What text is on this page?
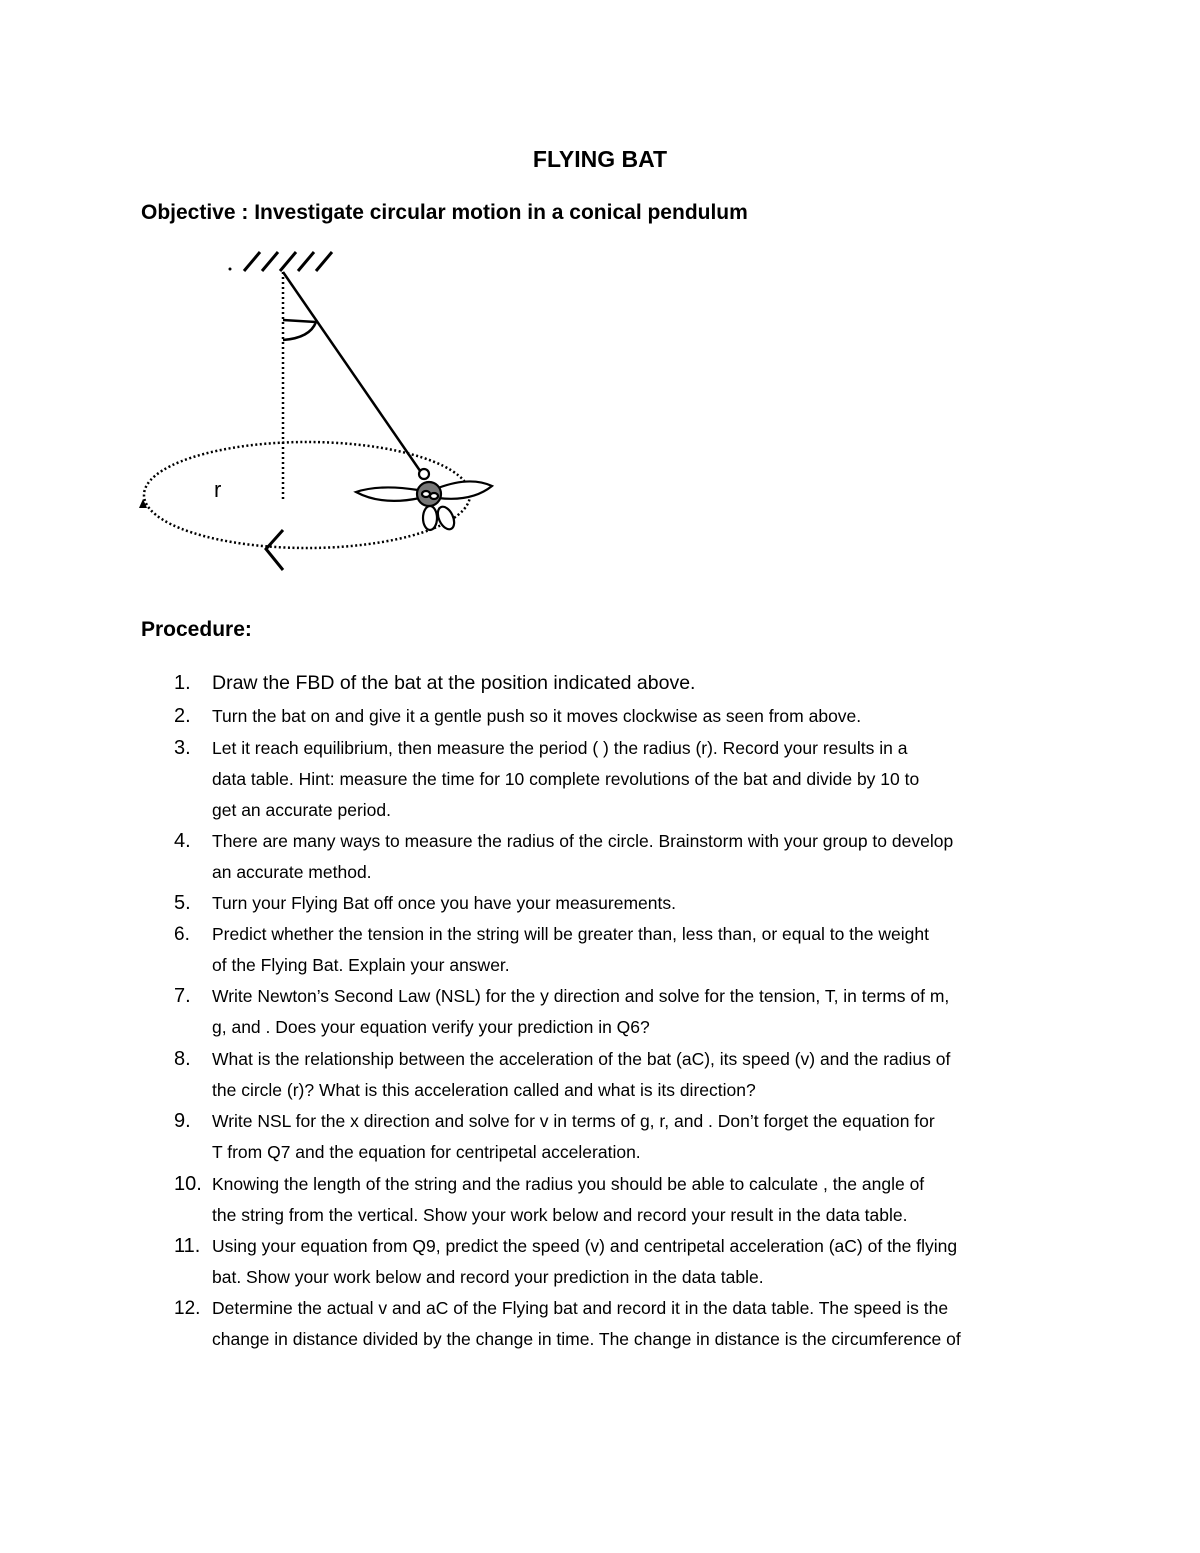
FLYING BAT
Objective : Investigate circular motion in a conical pendulum
r
Procedure:
1.	Draw the FBD of the bat at the position indicated above.
2.	Turn the bat on and give it a gentle push so it moves clockwise as seen from above.
3.	Let it reach equilibrium, then measure the period ( ) the radius (r). Record your results in a
data table. Hint: measure the time for 10 complete revolutions of the bat and divide by 10 to
get an accurate period.
4.	There are many ways to measure the radius of the circle. Brainstorm with your group to develop
an accurate method.
5.	Turn your Flying Bat off once you have your measurements.
6.	Predict whether the tension in the string will be greater than, less than, or equal to the weight
of the Flying Bat. Explain your answer.
7.	Write Newton’s Second Law (NSL) for the y direction and solve for the tension, T, in terms of m,
g, and . Does your equation verify your prediction in Q6?
8.	What is the relationship between the acceleration of the bat (aC), its speed (v) and the radius of
the circle (r)? What is this acceleration called and what is its direction?
9.	Write NSL for the x direction and solve for v in terms of g, r, and . Don’t forget the equation for
T from Q7 and the equation for centripetal acceleration.
10. Knowing the length of the string and the radius you should be able to calculate , the angle of
the string from the vertical. Show your work below and record your result in the data table.
11. Using your equation from Q9, predict the speed (v) and centripetal acceleration (aC) of the flying
bat. Show your work below and record your prediction in the data table.
12. Determine the actual v and aC of the Flying bat and record it in the data table. The speed is the
change in distance divided by the change in time. The change in distance is the circumference of
